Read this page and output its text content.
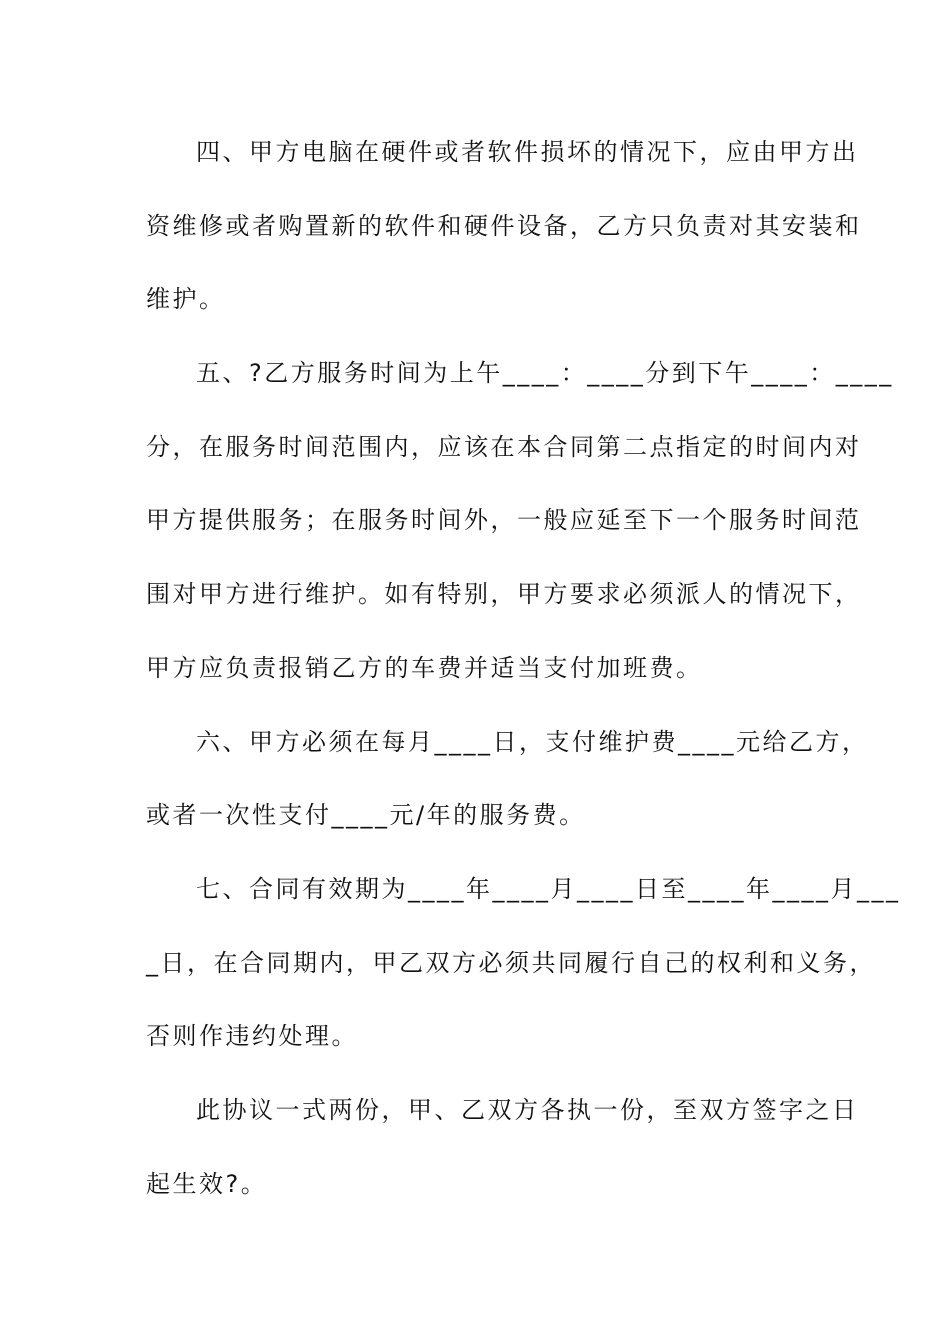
四、甲方电脑在硬件或者软件损坏的情况下，应由甲方出
资维修或者购置新的软件和硬件设备，乙方只负责对其安装和
维护。
五、?乙方服务时间为上午____：____分到下午____：____
分，在服务时间范围内，应该在本合同第二点指定的时间内对
甲方提供服务；在服务时间外，一般应延至下一个服务时间范
围对甲方进行维护。如有特别，甲方要求必须派人的情况下，
甲方应负责报销乙方的车费并适当支付加班费。
六、甲方必须在每月____日，支付维护费____元给乙方，
或者一次性支付____元/年的服务费。
七、合同有效期为____年____月____日至____年____月___
_日，在合同期内，甲乙双方必须共同履行自己的权利和义务，
否则作违约处理。
此协议一式两份，甲、乙双方各执一份，至双方签字之日
起生效?。
